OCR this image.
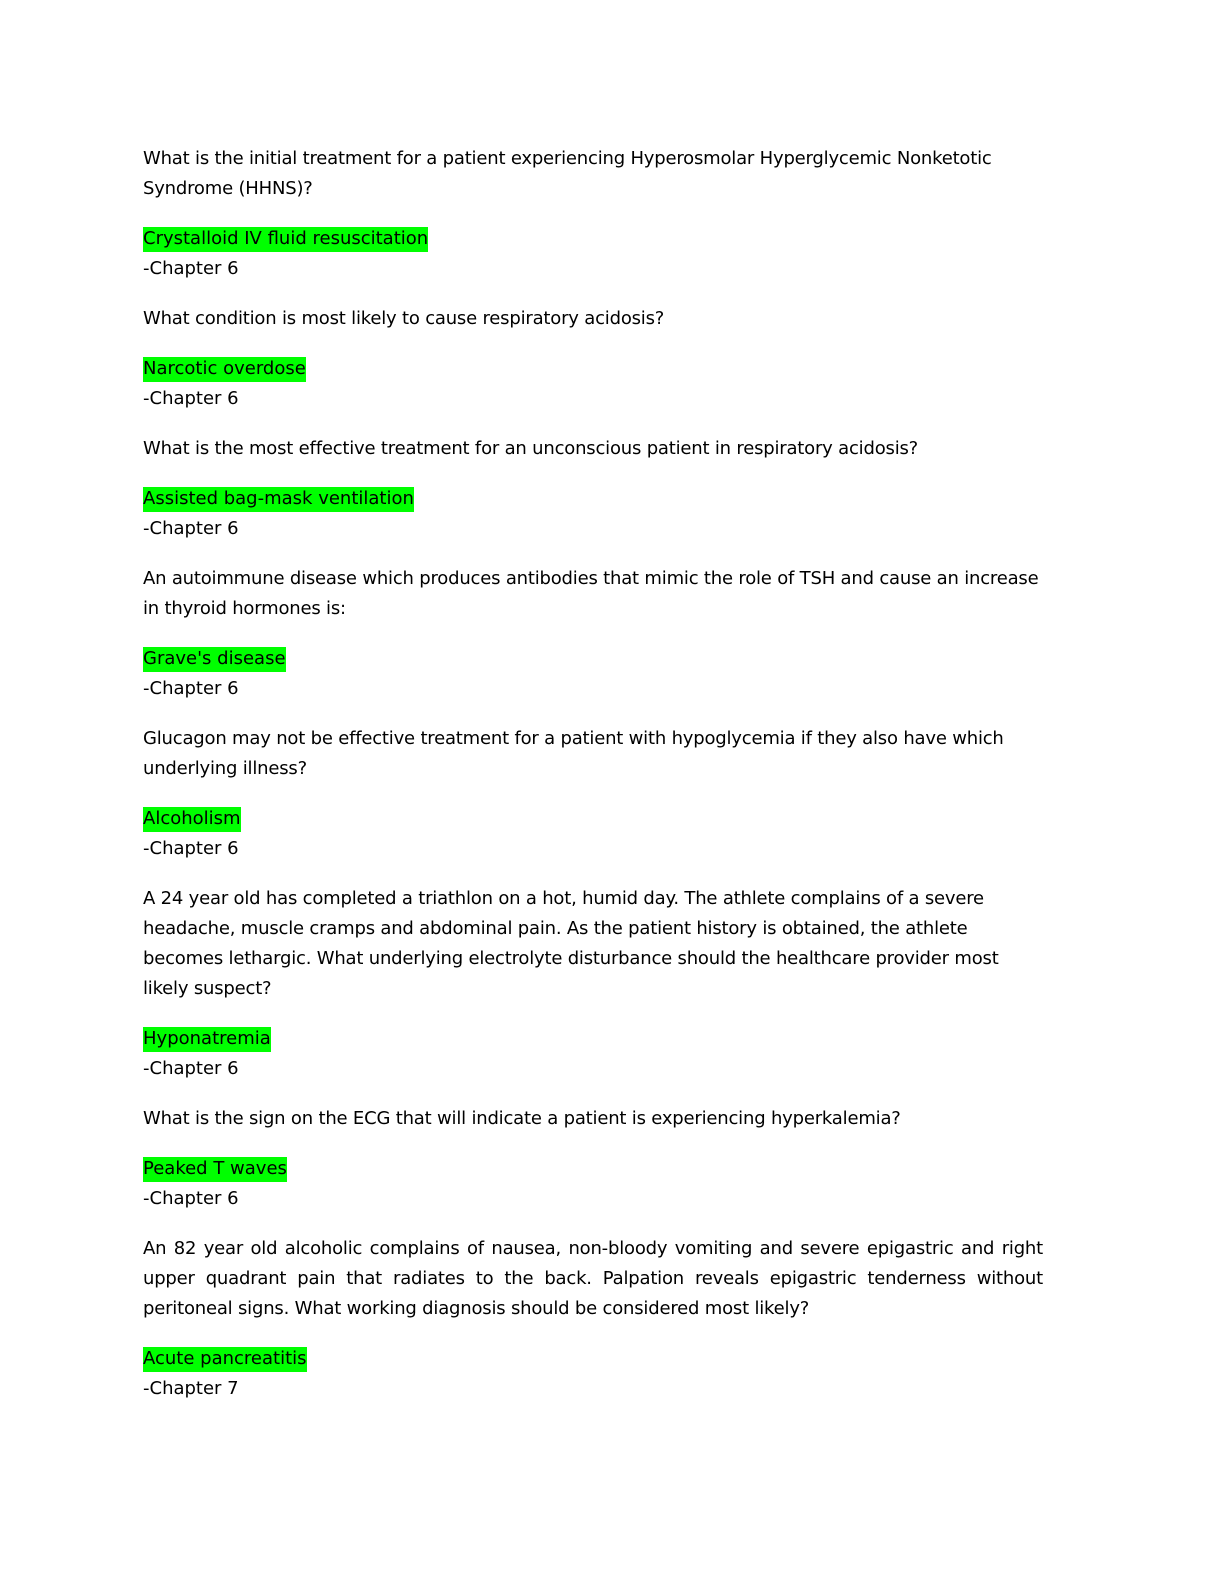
What is the initial treatment for a patient experiencing Hyperosmolar Hyperglycemic Nonketotic Syndrome (HHNS)?

Crystalloid IV fluid resuscitation

-Chapter 6

What condition is most likely to cause respiratory acidosis?

Narcotic overdose

-Chapter 6

What is the most effective treatment for an unconscious patient in respiratory acidosis?

Assisted bag-mask ventilation

-Chapter 6

An autoimmune disease which produces antibodies that mimic the role of TSH and cause an increase in thyroid hormones is:

Grave's disease

-Chapter 6

Glucagon may not be effective treatment for a patient with hypoglycemia if they also have which underlying illness?

Alcoholism

-Chapter 6

A 24 year old has completed a triathlon on a hot, humid day. The athlete complains of a severe headache, muscle cramps and abdominal pain. As the patient history is obtained, the athlete becomes lethargic. What underlying electrolyte disturbance should the healthcare provider most likely suspect?

Hyponatremia

-Chapter 6

What is the sign on the ECG that will indicate a patient is experiencing hyperkalemia?

Peaked T waves

-Chapter 6

An 82 year old alcoholic complains of nausea, non-bloody vomiting and severe epigastric and right upper quadrant pain that radiates to the back. Palpation reveals epigastric tenderness without peritoneal signs. What working diagnosis should be considered most likely?

Acute pancreatitis

-Chapter 7
